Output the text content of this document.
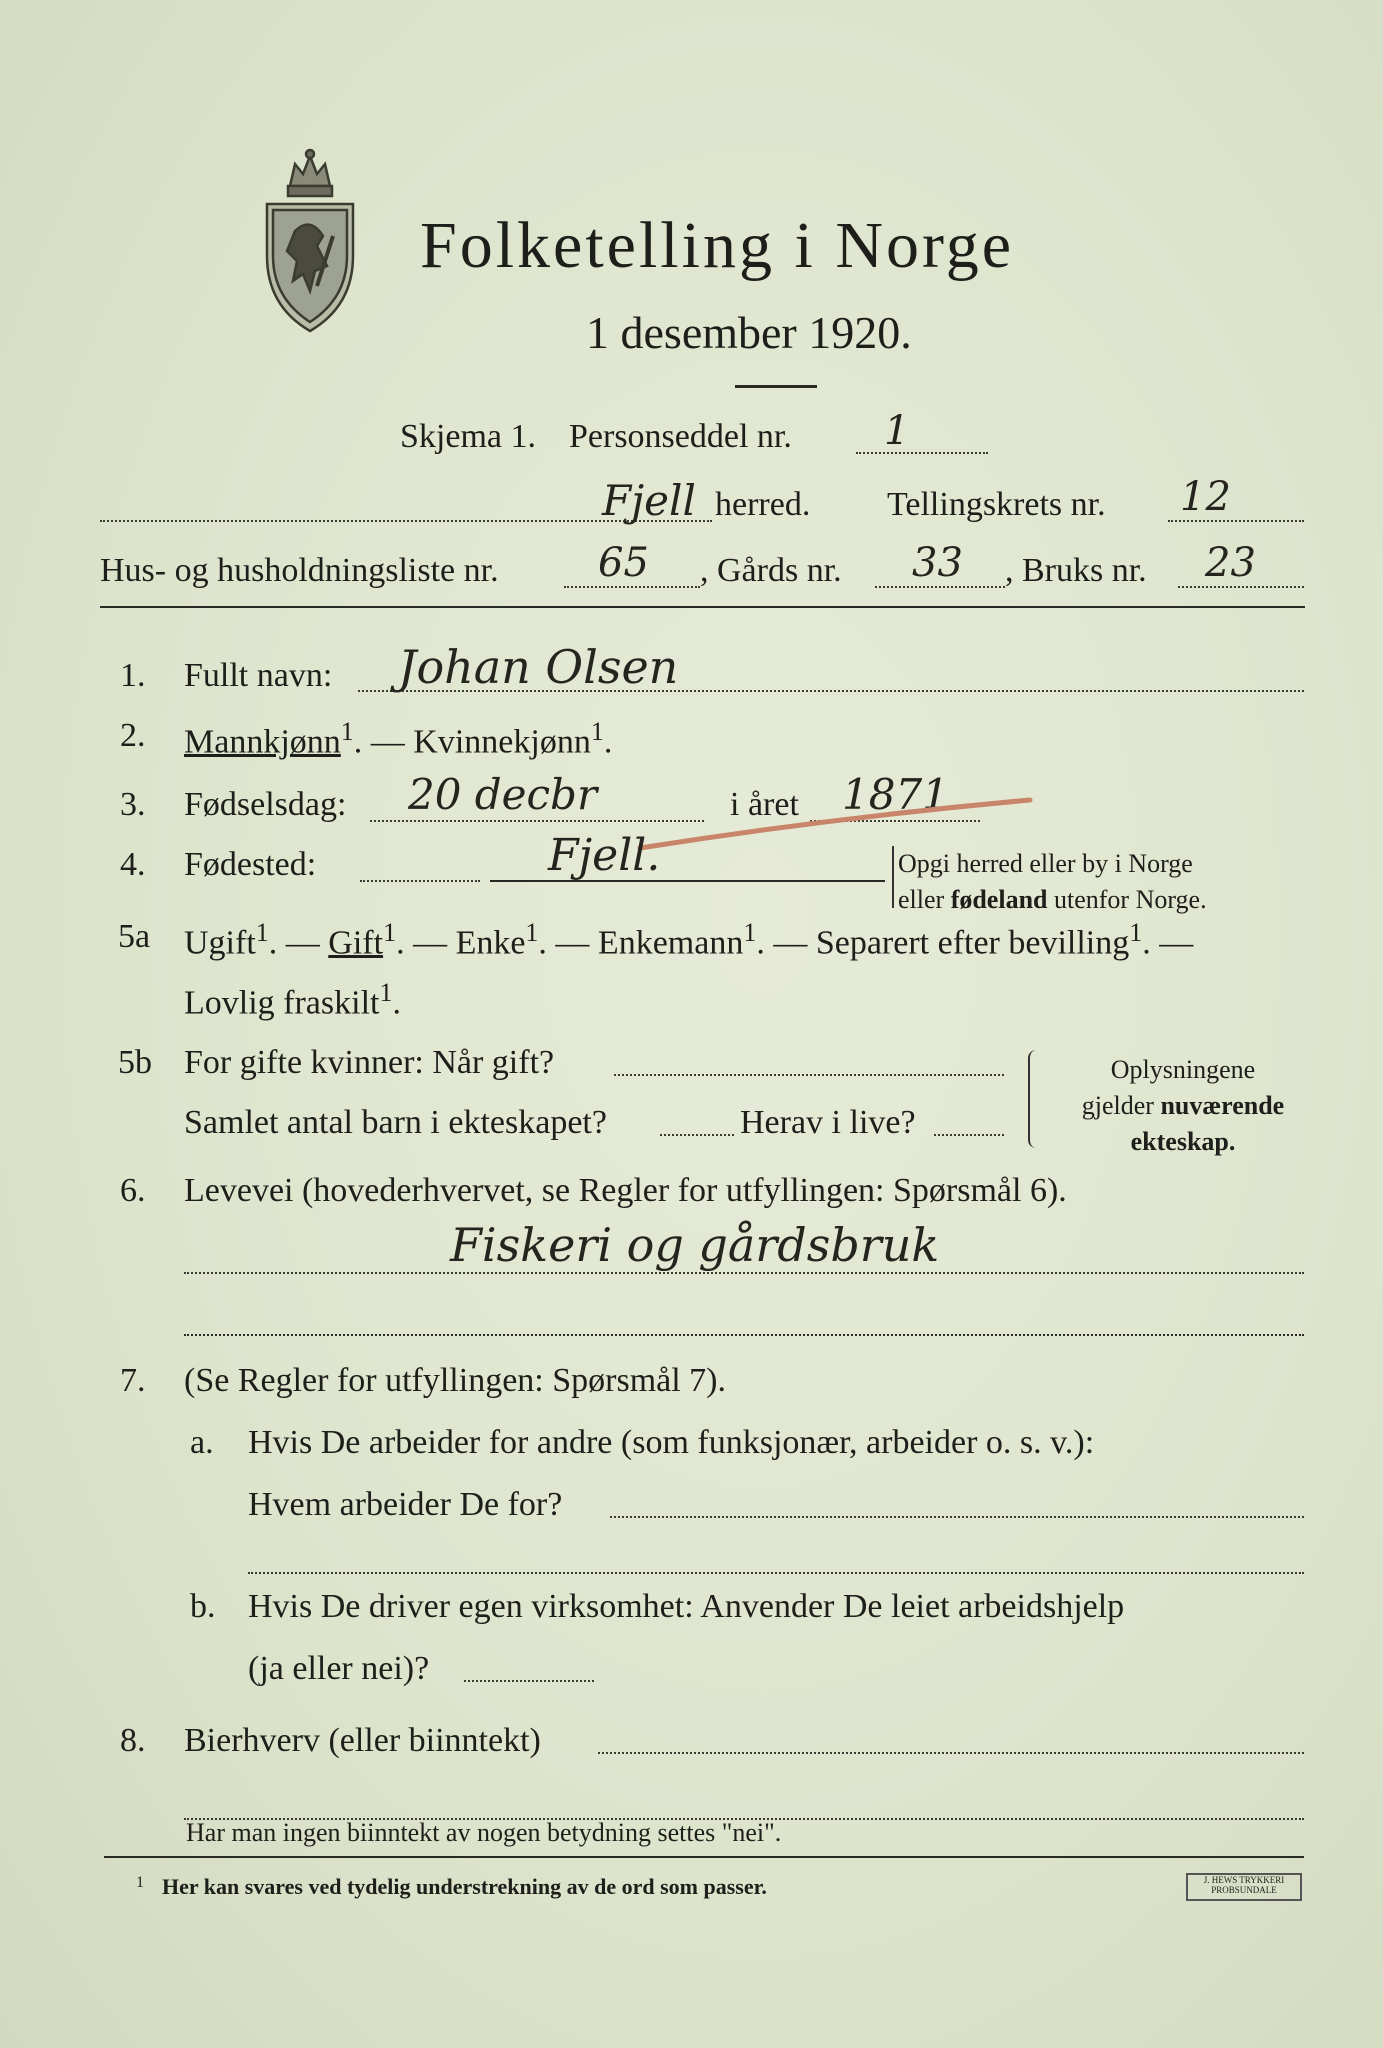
Folketelling i Norge
1 desember 1920.
Skjema 1. Personseddel nr. 1
Fjell herred. Tellingskrets nr. 12
Hus- og husholdningsliste nr. 65 , Gårds nr. 33 , Bruks nr. 23
1. Fullt navn: Johan Olsen
2. Mannkjønn$^1$. — Kvinnekjønn$^1$.
3. Fødselsdag: 20 decbr	i året 1871
4. Fødested:	Fjell.	Opgi herred eller by i Norge
eller fødeland utenfor Norge.
5a Ugift$^1$. — Gift$^1$. — Enke$^1$. — Enkemann$^1$. — Separert efter bevilling$^1$. —
Lovlig fraskilt$^1$.
5b For gifte kvinner: Når gift?
Samlet antal barn i ekteskapet?	Herav i live?
Oplysningene
gjelder nuværende
ekteskap.
6. Levevei (hovederhvervet, se Regler for utfyllingen: Spørsmål 6).
Fiskeri og gårdsbruk
7. (Se Regler for utfyllingen: Spørsmål 7).
a. Hvis De arbeider for andre (som funksjonær, arbeider o. s. v.):
Hvem arbeider De for?
b. Hvis De driver egen virksomhet: Anvender De leiet arbeidshjelp
(ja eller nei)?
8. Bierhverv (eller biinntekt)
Har man ingen biinntekt av nogen betydning settes "nei".
1 Her kan svares ved tydelig understrekning av de ord som passer.	J. HEWS TRYKKERI
PROBSUNDALE
